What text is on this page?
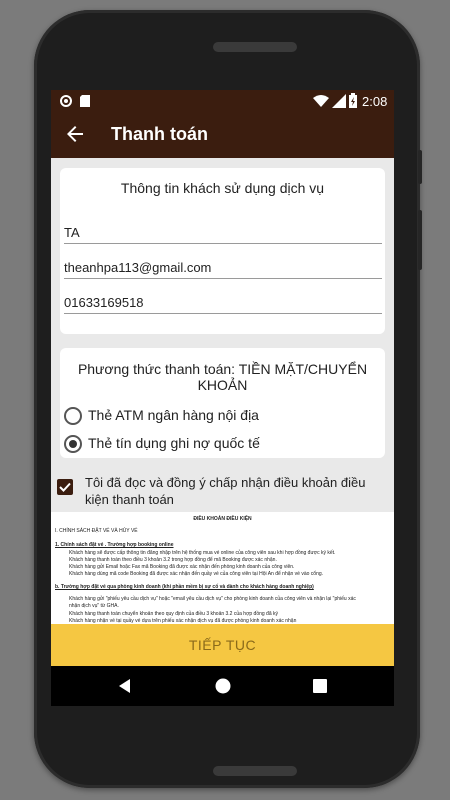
2:08
Thanh toán
Thông tin khách sử dụng dịch vụ
TA
theanhpa113@gmail.com
01633169518
Phương thức thanh toán: TIỀN MẶT/CHUYỂN KHOẢN
Thẻ ATM ngân hàng nội địa
Thẻ tín dụng ghi nợ quốc tế
Tôi đã đọc và đồng ý chấp nhận điều khoản điều kiện thanh toán
ĐIỀU KHOẢN ĐIỀU KIỆN
I. CHÍNH SÁCH ĐẶT VÉ VÀ HỦY VÉ
1. Chính sách đặt vé . Trường hợp booking online
Khách hàng sẽ được cấp thông tin đăng nhập trên hệ thống mua vé online của công viên sau khi hợp đồng được ký kết.
Khách hàng thanh toán theo điều 3 khoản 3.2 trong hợp đồng để mã Booking được xác nhận.
Khách hàng gửi Email hoặc Fax mã Booking đã được xác nhận đến phòng kinh doanh của công viên.
Khách hàng dùng mã code Booking đã được xác nhận đến quầy vé của công viên tại Hội An để nhận vé vào cổng.
b. Trường hợp đặt vé qua phòng kinh doanh (khi phần mềm bị sự cố và dành cho khách hàng doanh nghiệp)
Khách hàng gửi "phiếu yêu cầu dịch vụ" hoặc "email yêu cầu dịch vụ" cho phòng kinh doanh của công viên và nhận lại "phiếu xác
nhận dịch vụ" từ GHA.
Khách hàng thanh toán chuyển khoản theo quy định của điều 3 khoản 3.2 của hợp đồng đã ký
Khách hàng nhận vé tại quầy vé dựa trên phiếu xác nhận dịch vụ đã được phòng kinh doanh xác nhận
TIẾP TỤC
